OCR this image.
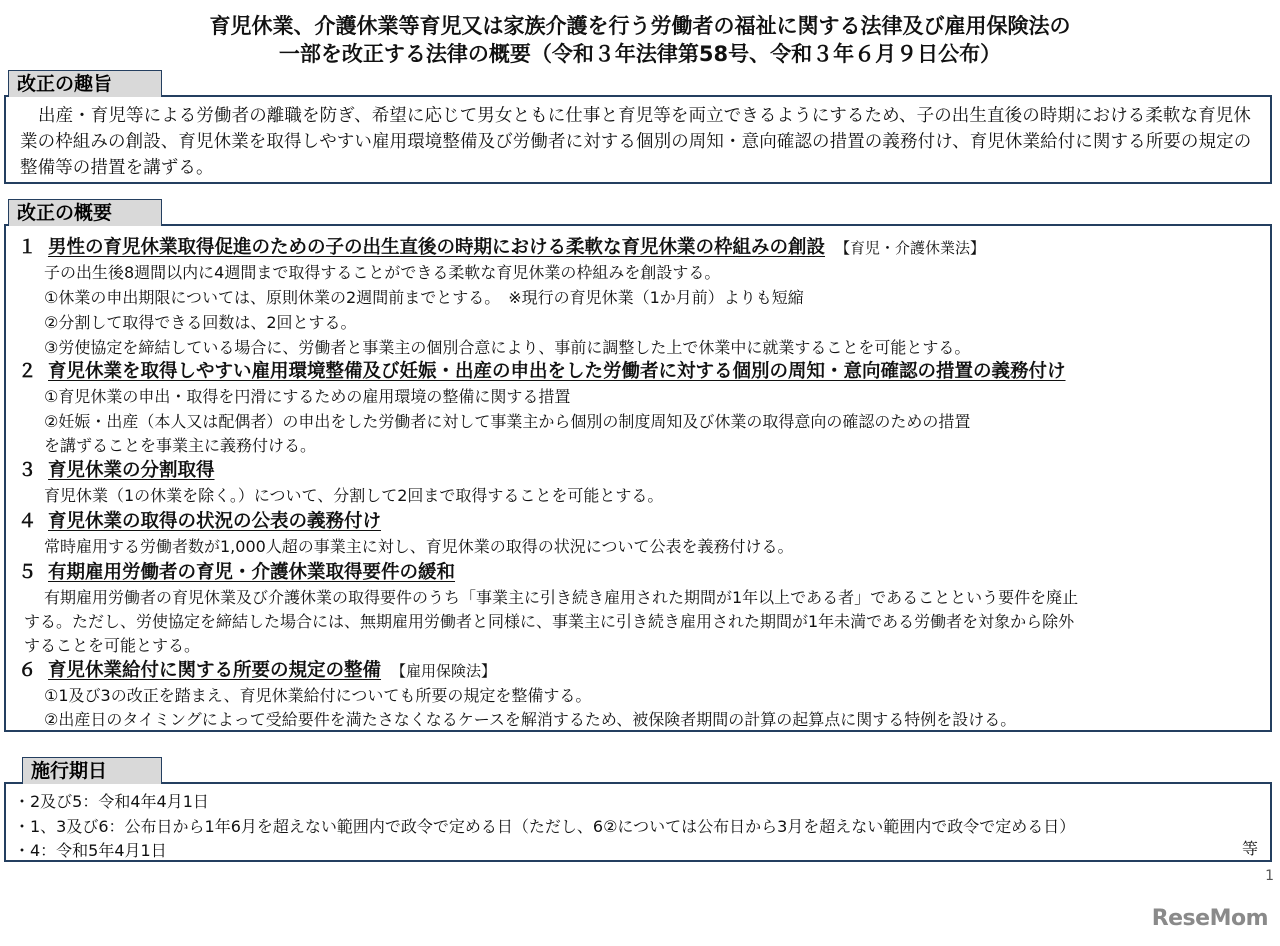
育児休業、介護休業等育児又は家族介護を行う労働者の福祉に関する法律及び雇用保険法の
一部を改正する法律の概要（令和３年法律第58号、令和３年６月９日公布）
改正の趣旨
出産・育児等による労働者の離職を防ぎ、希望に応じて男女ともに仕事と育児等を両立できるようにするため、子の出生直後の時期における柔軟な育児休業の枠組みの創設、育児休業を取得しやすい雇用環境整備及び労働者に対する個別の周知・意向確認の措置の義務付け、育児休業給付に関する所要の規定の整備等の措置を講ずる。
改正の概要
１ 男性の育児休業取得促進のための子の出生直後の時期における柔軟な育児休業の枠組みの創設 【育児・介護休業法】
子の出生後8週間以内に4週間まで取得することができる柔軟な育児休業の枠組みを創設する。
①休業の申出期限については、原則休業の2週間前までとする。　※現行の育児休業（1か月前）よりも短縮
②分割して取得できる回数は、2回とする。
③労使協定を締結している場合に、労働者と事業主の個別合意により、事前に調整した上で休業中に就業することを可能とする。
２ 育児休業を取得しやすい雇用環境整備及び妊娠・出産の申出をした労働者に対する個別の周知・意向確認の措置の義務付け
①育児休業の申出・取得を円滑にするための雇用環境の整備に関する措置
②妊娠・出産（本人又は配偶者）の申出をした労働者に対して事業主から個別の制度周知及び休業の取得意向の確認のための措置
を講ずることを事業主に義務付ける。
３ 育児休業の分割取得
育児休業（1の休業を除く。）について、分割して2回まで取得することを可能とする。
４ 育児休業の取得の状況の公表の義務付け
常時雇用する労働者数が1,000人超の事業主に対し、育児休業の取得の状況について公表を義務付ける。
５ 有期雇用労働者の育児・介護休業取得要件の緩和
有期雇用労働者の育児休業及び介護休業の取得要件のうち「事業主に引き続き雇用された期間が1年以上である者」であることという要件を廃止
する。ただし、労使協定を締結した場合には、無期雇用労働者と同様に、事業主に引き続き雇用された期間が1年未満である労働者を対象から除外
することを可能とする。
６ 育児休業給付に関する所要の規定の整備 【雇用保険法】
①1及び3の改正を踏まえ、育児休業給付についても所要の規定を整備する。
②出産日のタイミングによって受給要件を満たさなくなるケースを解消するため、被保険者期間の計算の起算点に関する特例を設ける。
施行期日
・2及び5：令和4年4月1日
・1、3及び6：公布日から1年6月を超えない範囲内で政令で定める日（ただし、6②については公布日から3月を超えない範囲内で政令で定める日）
・4：令和5年4月1日	等
1
ReseMom
